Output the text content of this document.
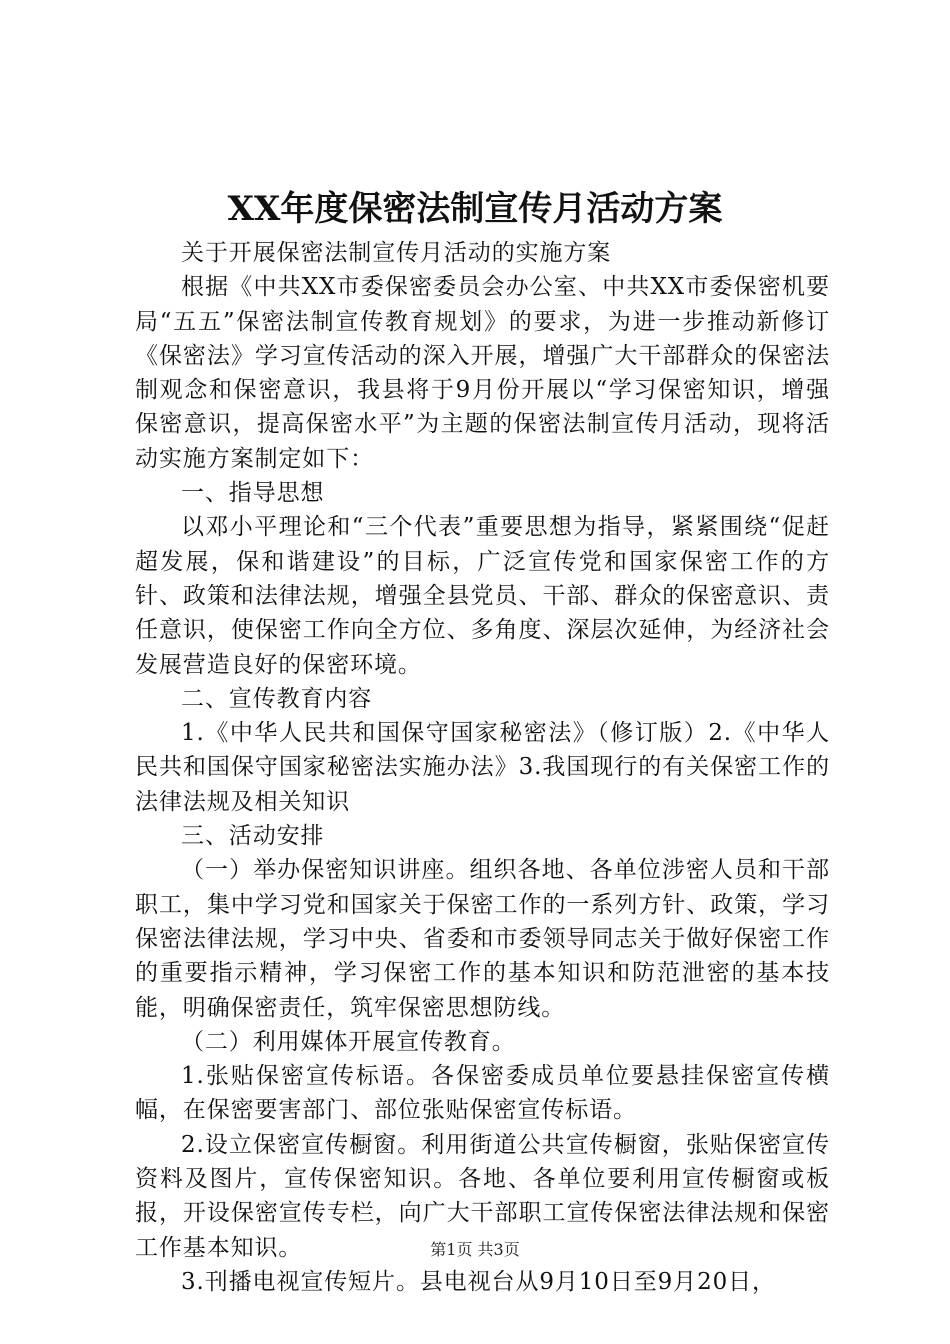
XX年度保密法制宣传月活动方案

关于开展保密法制宣传月活动的实施方案

根据《中共XX市委保密委员会办公室、中共XX市委保密机要局“五五”保密法制宣传教育规划》的要求，为进一步推动新修订《保密法》学习宣传活动的深入开展，增强广大干部群众的保密法制观念和保密意识，我县将于9月份开展以“学习保密知识，增强保密意识，提高保密水平”为主题的保密法制宣传月活动，现将活动实施方案制定如下：

一、指导思想

以邓小平理论和“三个代表”重要思想为指导，紧紧围绕“促赶超发展，保和谐建设”的目标，广泛宣传党和国家保密工作的方针、政策和法律法规，增强全县党员、干部、群众的保密意识、责任意识，使保密工作向全方位、多角度、深层次延伸，为经济社会发展营造良好的保密环境。

二、宣传教育内容

1.《中华人民共和国保守国家秘密法》（修订版）2.《中华人民共和国保守国家秘密法实施办法》3.我国现行的有关保密工作的法律法规及相关知识

三、活动安排

（一）举办保密知识讲座。组织各地、各单位涉密人员和干部职工，集中学习党和国家关于保密工作的一系列方针、政策，学习保密法律法规，学习中央、省委和市委领导同志关于做好保密工作的重要指示精神，学习保密工作的基本知识和防范泄密的基本技能，明确保密责任，筑牢保密思想防线。

（二）利用媒体开展宣传教育。

1.张贴保密宣传标语。各保密委成员单位要悬挂保密宣传横幅，在保密要害部门、部位张贴保密宣传标语。

2.设立保密宣传橱窗。利用街道公共宣传橱窗，张贴保密宣传资料及图片，宣传保密知识。各地、各单位要利用宣传橱窗或板报，开设保密宣传专栏，向广大干部职工宣传保密法律法规和保密工作基本知识。

3.刊播电视宣传短片。县电视台从9月10日至9月20日，

第1页 共3页
